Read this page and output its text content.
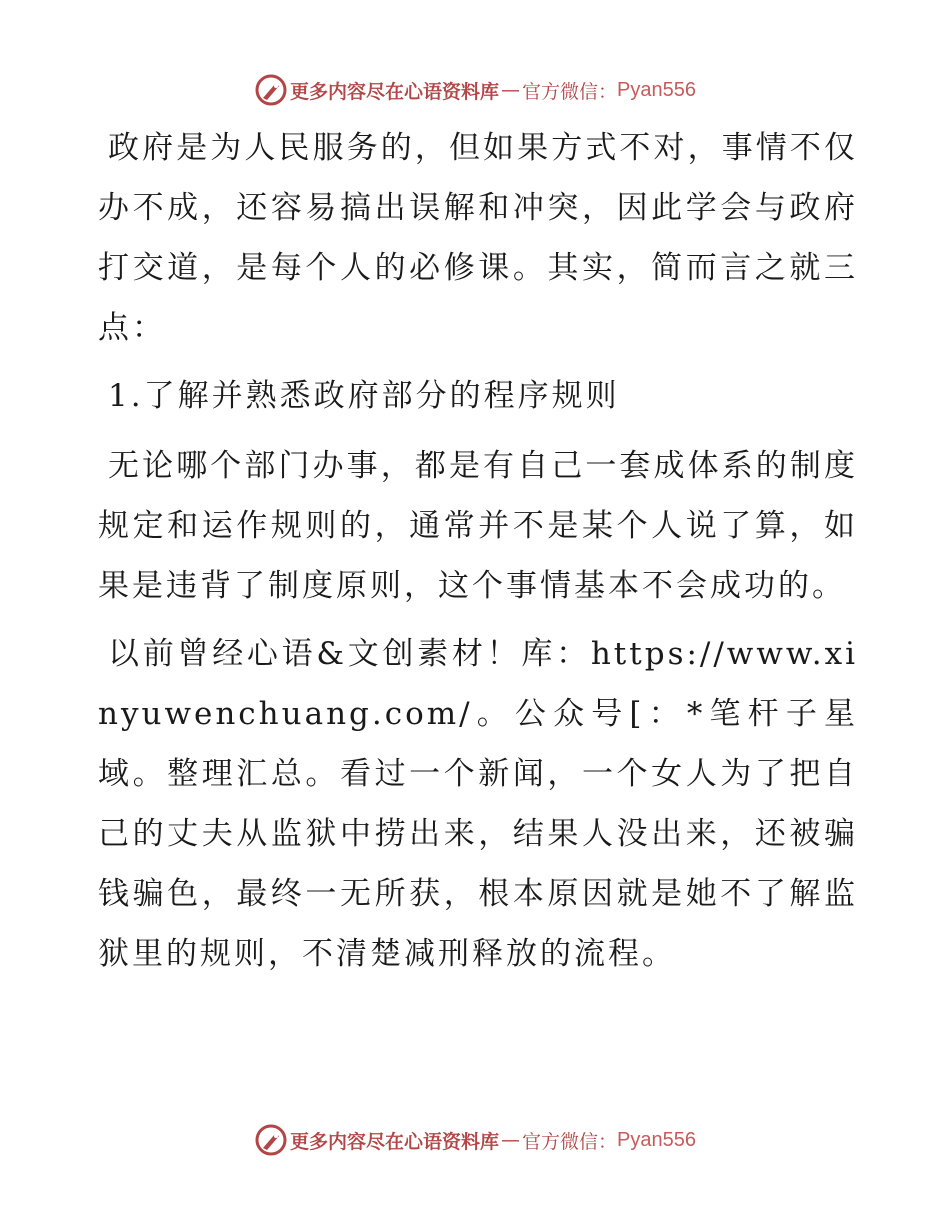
更多内容尽在心语资料库 — 官方微信： Pyan556

政府是为人民服务的，但如果方式不对，事情不仅办不成，还容易搞出误解和冲突，因此学会与政府打交道，是每个人的必修课。其实，简而言之就三点：

1.了解并熟悉政府部分的程序规则

无论哪个部门办事，都是有自己一套成体系的制度规定和运作规则的，通常并不是某个人说了算，如果是违背了制度原则，这个事情基本不会成功的。

以前曾经心语&文创素材！库：https://www.xinyuwenchuang.com/。公众号[：*笔杆子星域。整理汇总。看过一个新闻，一个女人为了把自己的丈夫从监狱中捞出来，结果人没出来，还被骗钱骗色，最终一无所获，根本原因就是她不了解监狱里的规则，不清楚减刑释放的流程。

更多内容尽在心语资料库 — 官方微信： Pyan556
